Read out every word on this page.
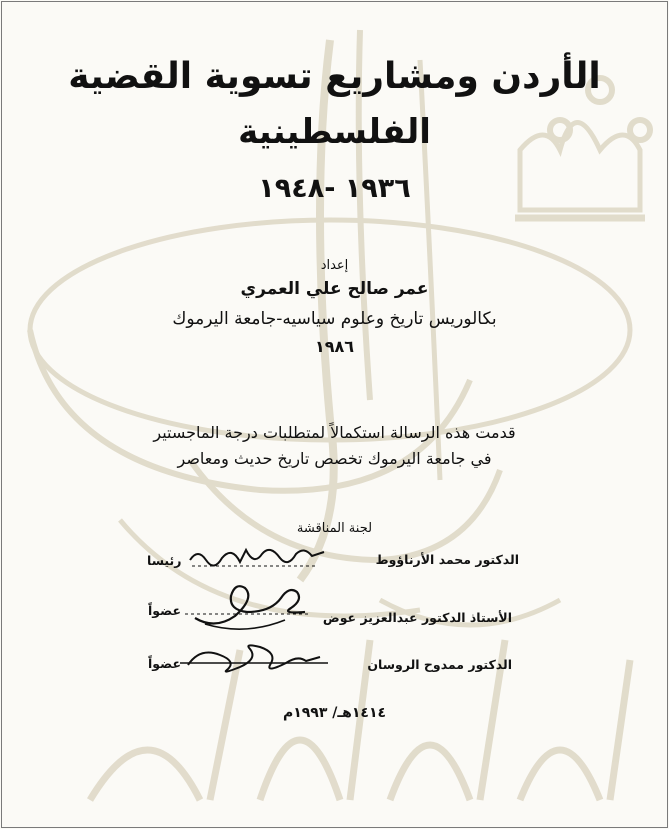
الأردن ومشاريع تسوية القضية
الفلسطينية
١٩٣٦ -١٩٤٨
إعداد
عمر صالح علي العمري
بكالوريس تاريخ وعلوم سياسيه-جامعة اليرموك
١٩٨٦
قدمت هذه الرسالة استكمالاً لمتطلبات درجة الماجستير
في جامعة اليرموك تخصص تاريخ حديث ومعاصر
لجنة المناقشة
الدكتور محمد الأرناؤوط
رئيسا
الأستاذ الدكتور عبدالعزيز عوض
عضواً
الدكتور ممدوح الروسان
عضواً
١٤١٤هـ/ ١٩٩٣م
